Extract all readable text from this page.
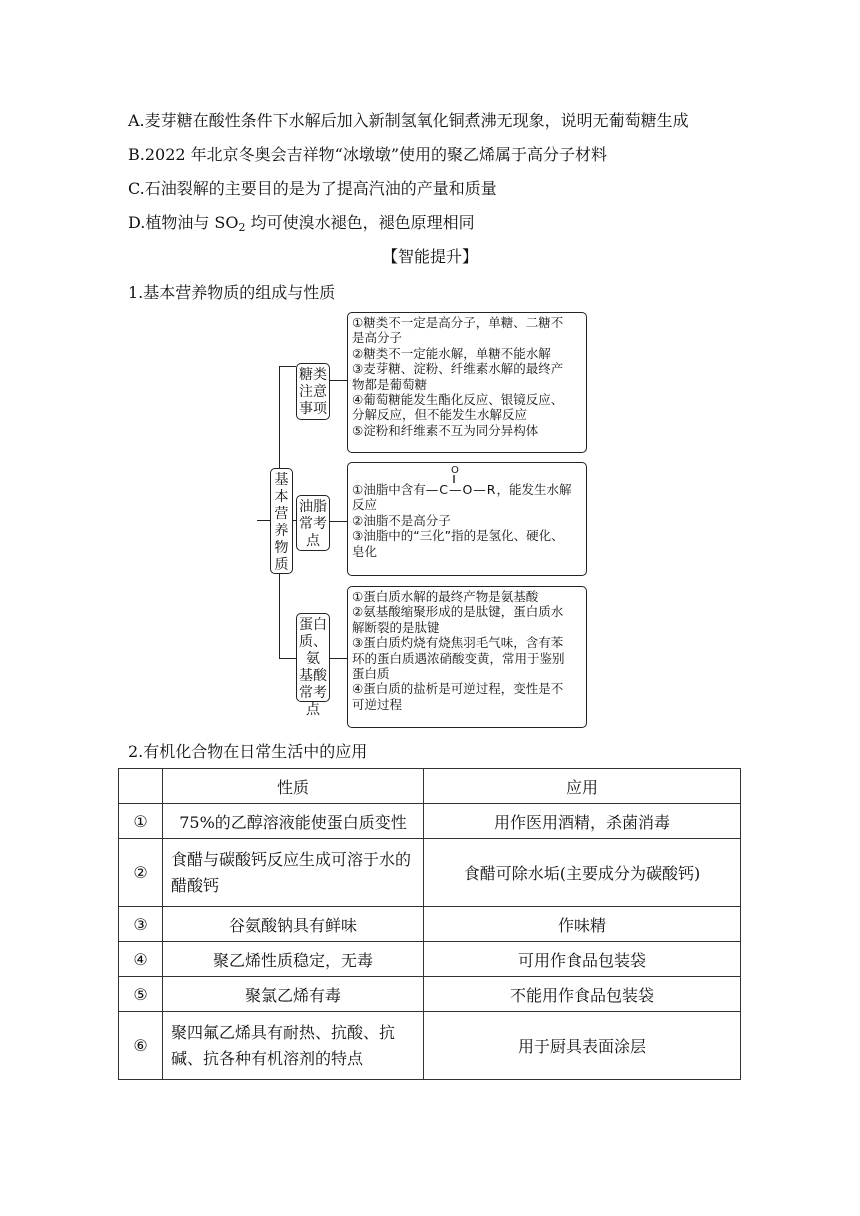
A.麦芽糖在酸性条件下水解后加入新制氢氧化铜煮沸无现象，说明无葡萄糖生成
B.2022 年北京冬奥会吉祥物“冰墩墩”使用的聚乙烯属于高分子材料
C.石油裂解的主要目的是为了提高汽油的产量和质量
D.植物油与 $SO_2$ 均可使溴水褪色，褪色原理相同
【智能提升】
1.基本营养物质的组成与性质
基
本
营
养
物
质
糖类
注意
事项
①糖类不一定是高分子，单糖、二糖不
是高分子
②糖类不一定能水解，单糖不能水解
③麦芽糖、淀粉、纤维素水解的最终产
物都是葡萄糖
④葡萄糖能发生酯化反应、银镜反应、
分解反应，但不能发生水解反应
⑤淀粉和纤维素不互为同分异构体
油脂
常考
点
O
‖
①油脂中含有—C—O—R，能发生水解
反应
②油脂不是高分子
③油脂中的“三化”指的是氢化、硬化、
皂化
蛋白
质、氨
基酸
常考
点
①蛋白质水解的最终产物是氨基酸
②氨基酸缩聚形成的是肽键，蛋白质水
解断裂的是肽键
③蛋白质灼烧有烧焦羽毛气味，含有苯
环的蛋白质遇浓硝酸变黄，常用于鉴别
蛋白质
④蛋白质的盐析是可逆过程，变性是不
可逆过程
2.有机化合物在日常生活中的应用
	性质	应用
①	75%的乙醇溶液能使蛋白质变性	用作医用酒精，杀菌消毒
②	食醋与碳酸钙反应生成可溶于水的醋酸钙	食醋可除水垢(主要成分为碳酸钙)
③	谷氨酸钠具有鲜味	作味精
④	聚乙烯性质稳定，无毒	可用作食品包装袋
⑤	聚氯乙烯有毒	不能用作食品包装袋
⑥	聚四氟乙烯具有耐热、抗酸、抗碱、抗各种有机溶剂的特点	用于厨具表面涂层
